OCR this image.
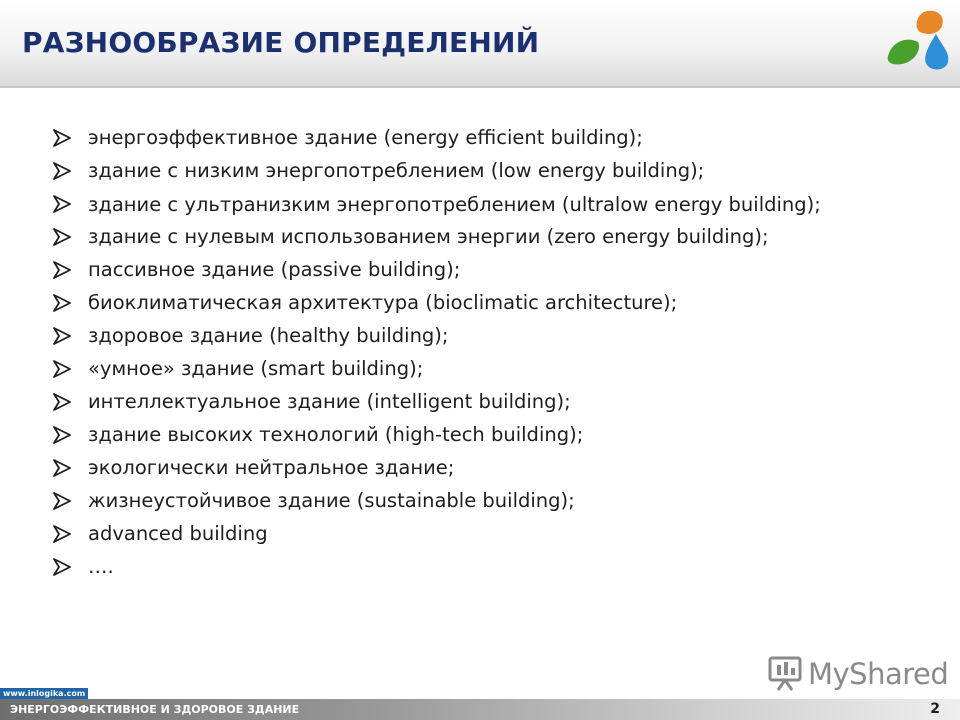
РАЗНООБРАЗИЕ ОПРЕДЕЛЕНИЙ
энергоэффективное здание (energy efficient building);
здание с низким энергопотреблением (low energy building);
здание с ультранизким энергопотреблением (ultralow energy building);
здание с нулевым использованием энергии (zero energy building);
пассивное здание (passive building);
биоклиматическая архитектура (bioclimatic architecture);
здоровое здание (healthy building);
«умное» здание (smart building);
интеллектуальное здание (intelligent building);
здание высоких технологий (high-tech building);
экологически нейтральное здание;
жизнеустойчивое здание (sustainable building);
advanced building
….
MyShared
www.inlogika.com
ЭНЕРГОЭФФЕКТИВНОЕ И ЗДОРОВОЕ ЗДАНИЕ	2
